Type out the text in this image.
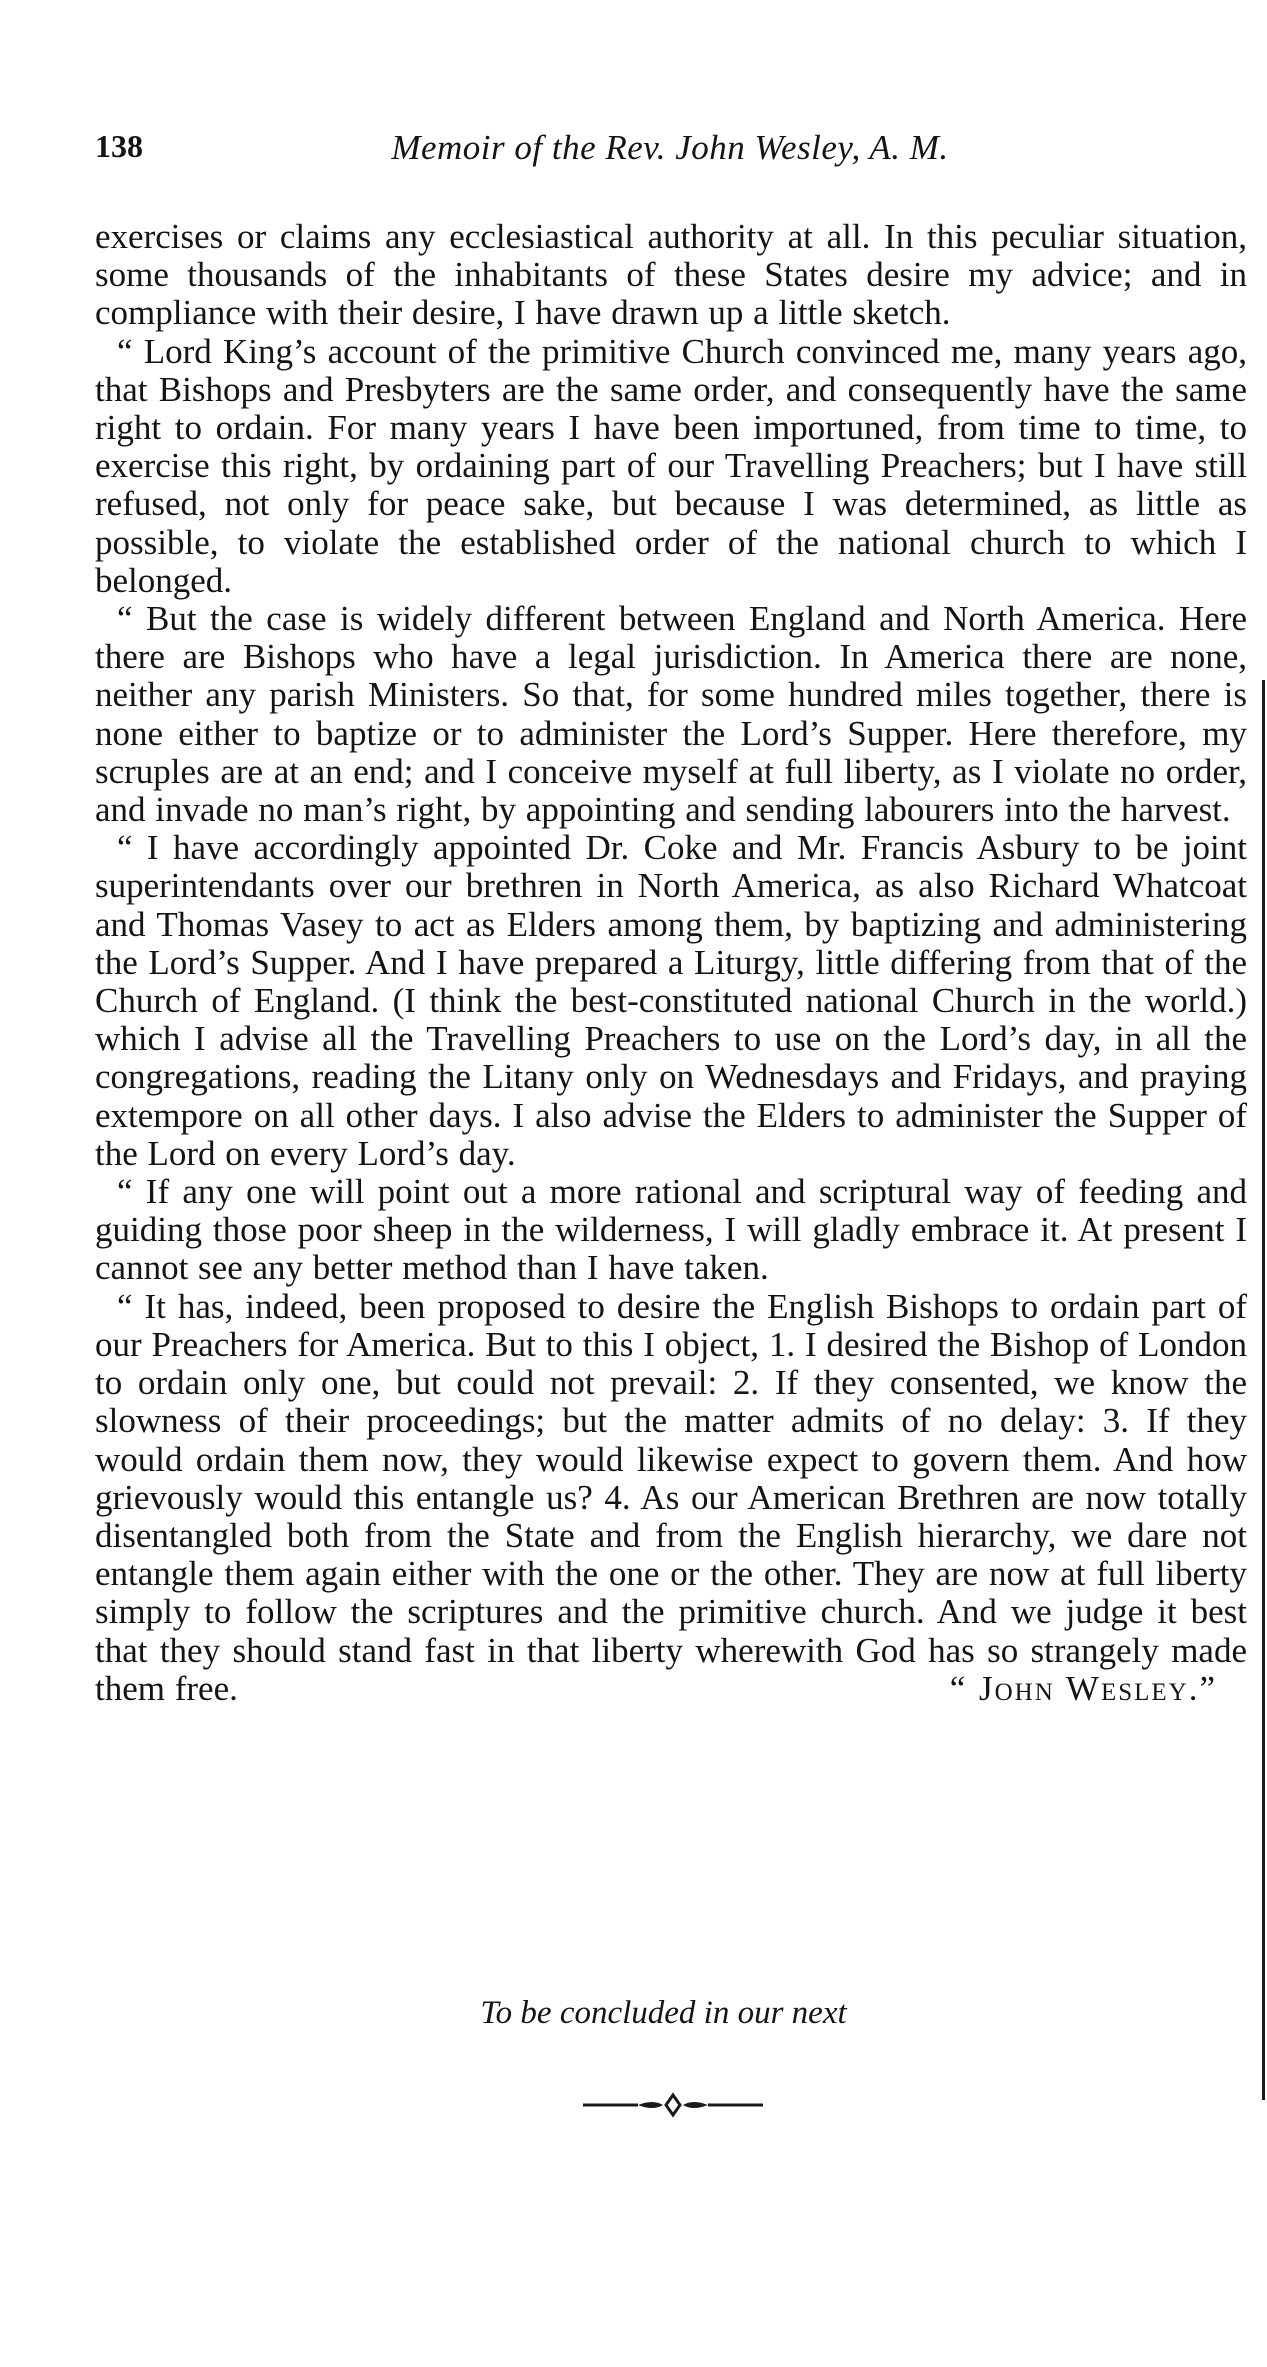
138	Memoir of the Rev. John Wesley, A. M.

exercises or claims any ecclesiastical authority at all. In this peculiar situation, some thousands of the inhabitants of these States desire my advice; and in compliance with their desire, I have drawn up a little sketch.

“ Lord King’s account of the primitive Church convinced me, many years ago, that Bishops and Presbyters are the same order, and consequently have the same right to ordain. For many years I have been importuned, from time to time, to exercise this right, by ordaining part of our Travelling Preachers; but I have still refused, not only for peace sake, but because I was determined, as little as possible, to violate the established order of the national church to which I belonged.

“ But the case is widely different between England and North America. Here there are Bishops who have a legal jurisdiction. In America there are none, neither any parish Ministers. So that, for some hundred miles together, there is none either to baptize or to administer the Lord’s Supper. Here therefore, my scruples are at an end; and I conceive myself at full liberty, as I violate no order, and invade no man’s right, by appointing and sending labourers into the harvest.

“ I have accordingly appointed Dr. Coke and Mr. Francis Asbury to be joint superintendants over our brethren in North America, as also Richard Whatcoat and Thomas Vasey to act as Elders among them, by baptizing and administering the Lord’s Supper. And I have prepared a Liturgy, little differing from that of the Church of England. (I think the best-constituted national Church in the world.) which I advise all the Travelling Preachers to use on the Lord’s day, in all the congregations, reading the Litany only on Wednesdays and Fridays, and praying extempore on all other days. I also advise the Elders to administer the Supper of the Lord on every Lord’s day.

“ If any one will point out a more rational and scriptural way of feeding and guiding those poor sheep in the wilderness, I will gladly embrace it. At present I cannot see any better method than I have taken.

“ It has, indeed, been proposed to desire the English Bishops to ordain part of our Preachers for America. But to this I object, 1. I desired the Bishop of London to ordain only one, but could not prevail: 2. If they consented, we know the slowness of their proceedings; but the matter admits of no delay: 3. If they would ordain them now, they would likewise expect to govern them. And how grievously would this entangle us? 4. As our American Brethren are now totally disentangled both from the State and from the English hierarchy, we dare not entangle them again either with the one or the other. They are now at full liberty simply to follow the scriptures and the primitive church. And we judge it best that they should stand fast in that liberty wherewith God has so strangely made them free.	“ John Wesley.”
To be concluded in our next
